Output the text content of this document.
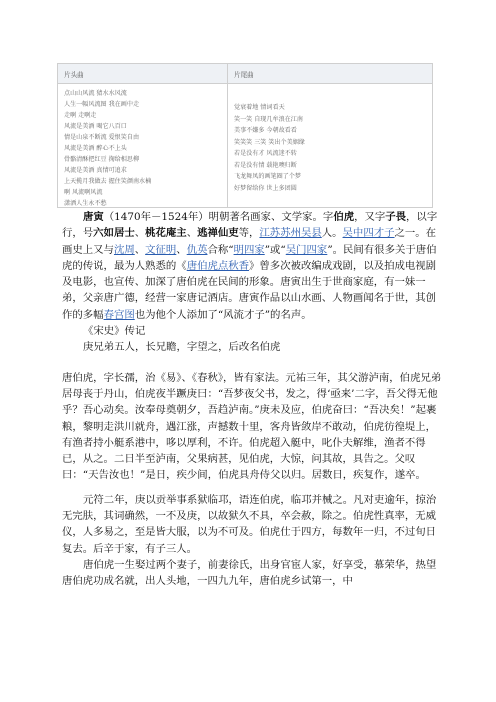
片头曲	片尾曲
点山山风流 猜水水风流
人生一幅风流图 我在画中走
走啊 走啊走
风流是美酒 喝它八百口
情是山泉不断流 爱恨笑自由
风流是美酒 醉心不上头
骨骼清酥把红豆 掬给相思柳
风流是美酒 真情可追求
上天揽月我做去 握住笑颜南水楠
啊 风流啊风流
潇洒人生永不愁
觉衰着地 情词看天
笑一笑 自现几牟浪在江南
美事不嫌多 今朝故看看
笑笑笑 三笑 笑出个美姻缘
若是没有才 风流迷不转
若是没有情 载艳噢归断
飞龙舞凤的画笔圈了个梦
好梦留给你 世上多团圆

唐寅（1470年－1524年）明朝著名画家、文学家。字伯虎，又字子畏，以字行，号六如居士、桃花庵主、逃禅仙吏等，江苏苏州吴县人。吴中四才子之一。在画史上又与沈周、文征明、仇英合称“明四家”或“吴门四家”。民间有很多关于唐伯虎的传说，最为人熟悉的《唐伯虎点秋香》曾多次被改编成戏剧，以及拍成电视剧及电影，也宣传、加深了唐伯虎在民间的形象。唐寅出生于世商家庭，有一妹一弟，父亲唐广德，经营一家唐记酒店。唐寅作品以山水画、人物画闻名于世，其创作的多幅春宫图也为他个人添加了“风流才子”的名声。

《宋史》传记

庚兄弟五人，长兄瞻，字望之，后改名伯虎

唐伯虎，字长孺，治《易》、《春秋》，皆有家法。元祐三年，其父游泸南，伯虎兄弟居母丧于丹山，伯虎夜半蹶庚曰：“吾梦夜父书，发之，得‘亟来’二字，吾父得无他乎？吾心动矣。汝奉母奠朝夕，吾趋泸南。”庚未及应，伯虎奋曰：“吾决矣！”起裹粮，黎明走洪川就舟，遇江涨，声撼数十里，客舟皆敛岸不敢动，伯虎彷徨堤上，有渔者持小艇系港中，哆以厚利，不许。伯虎超入艇中，叱仆夫解维，渔者不得已，从之。二日半至泸南，父果病甚，见伯虎，大惊，问其故，具告之。父叹曰：“天告汝也！”是日，疾少间，伯虎具舟侍父以归。居数日，疾复作，遂卒。

元符二年，庚以贡举事系狱临邛，语连伯虎，临邛并械之。凡对吏逾年，掠治无完肤，其词确然，一不及庚，以故狱久不具，卒会赦，除之。伯虎性真率，无威仪，人多易之，至是皆大服，以为不可及。伯虎仕于四方，每数年一归，不过旬日复去。后辛于家，有子三人。

唐伯虎一生娶过两个妻子，前妻徐氏，出身官宦人家，好享受，慕荣华，热望唐伯虎功成名就，出人头地，一四九九年，唐伯虎乡试第一，中
